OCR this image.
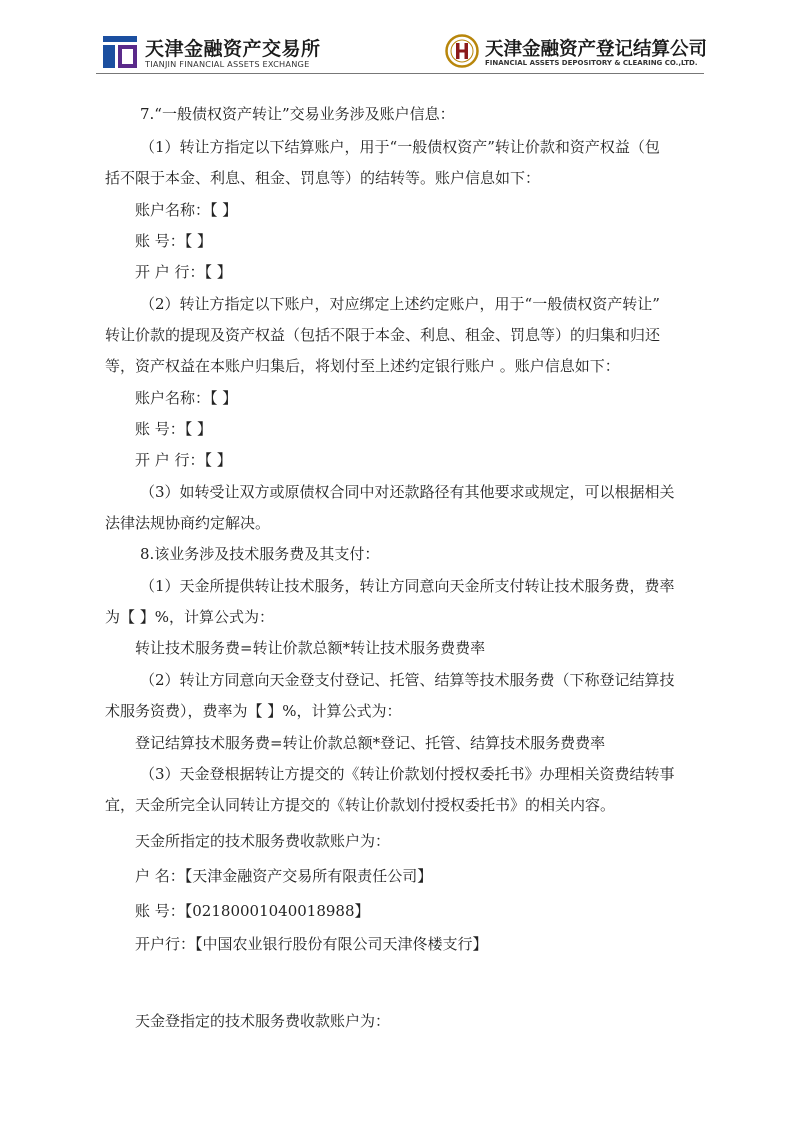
天津金融资产交易所
TIANJIN FINANCIAL ASSETS EXCHANGE
天津金融资产登记结算公司
FINANCIAL ASSETS DEPOSITORY & CLEARING CO.,LTD.
7.“一般债权资产转让”交易业务涉及账户信息：
（1）转让方指定以下结算账户，用于“一般债权资产”转让价款和资产权益（包
括不限于本金、利息、租金、罚息等）的结转等。账户信息如下：
账户名称：【 】
账 号：【 】
开 户 行：【 】
（2）转让方指定以下账户，对应绑定上述约定账户，用于“一般债权资产转让”
转让价款的提现及资产权益（包括不限于本金、利息、租金、罚息等）的归集和归还
等，资产权益在本账户归集后，将划付至上述约定银行账户 。账户信息如下：
账户名称：【 】
账 号：【 】
开 户 行：【 】
（3）如转受让双方或原债权合同中对还款路径有其他要求或规定，可以根据相关
法律法规协商约定解决。
8.该业务涉及技术服务费及其支付：
（1）天金所提供转让技术服务，转让方同意向天金所支付转让技术服务费，费率
为【 】%，计算公式为：
转让技术服务费=转让价款总额*转让技术服务费费率
（2）转让方同意向天金登支付登记、托管、结算等技术服务费（下称登记结算技
术服务资费），费率为【 】%，计算公式为：
登记结算技术服务费=转让价款总额*登记、托管、结算技术服务费费率
（3）天金登根据转让方提交的《转让价款划付授权委托书》办理相关资费结转事
宜，天金所完全认同转让方提交的《转让价款划付授权委托书》的相关内容。
天金所指定的技术服务费收款账户为：
户 名：【天津金融资产交易所有限责任公司】
账 号：【02180001040018988】
开户行：【中国农业银行股份有限公司天津佟楼支行】
天金登指定的技术服务费收款账户为：
